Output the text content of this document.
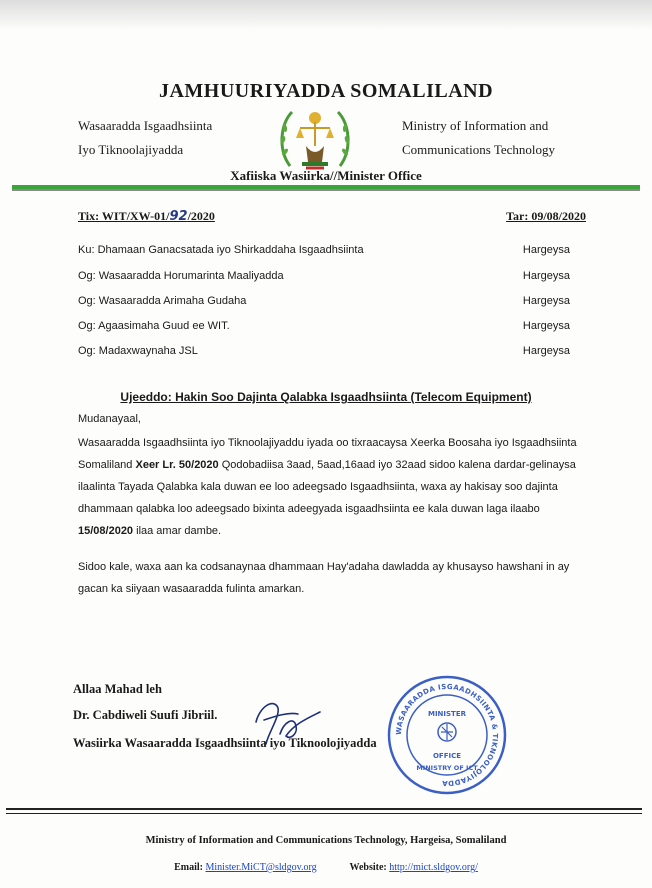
JAMHUURIYADDA SOMALILAND
Wasaaradda Isgaadhsiinta
Iyo Tiknoolajiyadda
Ministry of Information and
Communications Technology
Xafiiska Wasiirka//Minister Office
Tix: WIT/XW-01/92/2020	Tar: 09/08/2020
Ku: Dhamaan Ganacsatada iyo Shirkaddaha Isgaadhsiinta	Hargeysa
Og: Wasaaradda Horumarinta Maaliyadda	Hargeysa
Og: Wasaaradda Arimaha Gudaha	Hargeysa
Og: Agaasimaha Guud ee WIT.	Hargeysa
Og: Madaxwaynaha JSL	Hargeysa
Ujeeddo: Hakin Soo Dajinta Qalabka Isgaadhsiinta (Telecom Equipment)
Mudanayaal,
Wasaaradda Isgaadhsiinta iyo Tiknoolajiyaddu iyada oo tixraacaysa Xeerka Boosaha iyo Isgaadhsiinta Somaliland Xeer Lr. 50/2020 Qodobadiisa 3aad, 5aad,16aad iyo 32aad sidoo kalena dardar-gelinaysa ilaalinta Tayada Qalabka kala duwan ee loo adeegsado Isgaadhsiinta, waxa ay hakisay soo dajinta dhammaan qalabka loo adeegsado bixinta adeegyada isgaadhsiinta ee kala duwan laga ilaabo 15/08/2020 ilaa amar dambe.
Sidoo kale, waxa aan ka codsanaynaa dhammaan Hay'adaha dawladda ay khusayso hawshani in ay gacan ka siiyaan wasaaradda fulinta amarkan.
Allaa Mahad leh
Dr. Cabdiweli Suufi Jibriil.
Wasiirka Wasaaradda Isgaadhsiinta iyo Tiknoolojiyadda
WASAARADDA ISGAADHSIINTA & TIKNOOLOJIYADDA
MINISTER
OFFICE
MINISTRY OF ICT
Ministry of Information and Communications Technology, Hargeisa, Somaliland
Email: Minister.MiCT@sldgov.org	Website: http://mict.sldgov.org/
